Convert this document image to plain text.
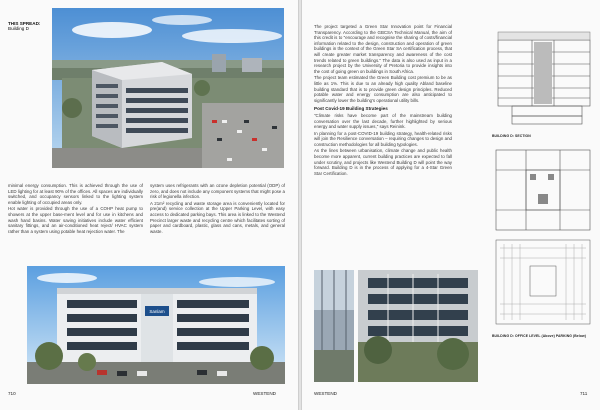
THIS SPREAD:
Building D

minimal energy consumption. This is achieved through the use of LED lighting for at least 90% of the offices. All spaces are individually switched, and occupancy sensors linked to the lighting system enable lighting of occupied areas only.

Hot water is provided through the use of a COHP heat pump to showers at the upper base-ment level and for use in kitchens and wash hand basins. Water saving initiatives include water efficient sanitary fittings, and an air-conditioned heat reject/ HVAC system rather than a system using potable heat rejection water. The

system uses refrigerants with an ozone depletion potential (ODP) of zero, and does not include any component systems that might pose a risk of legionella infection.

A 21m² recycling and waste storage area is conveniently located for pre(and) service collection at the Upper Parking Level, with easy access to dedicated parking bays. This area is linked to the Westend Precinct larger waste and recycling centre which facilitates sorting of paper and cardboard, plastic, glass and cans, metals, and general waste.

Sanlam
710	WESTEND

The project targeted a Green Star Innovation point for Financial Transparency. According to the GBCSA Technical Manual, the aim of this credit is to "encourage and recognise the sharing of costs/financial information related to the design, construction and operation of green buildings in the context of the Green Star SA certification process, that will create greater market transparency and awareness of the cost trends related to green buildings." The data is also used as input in a research project by the University of Pretoria to provide insights into the cost of going green on buildings in South Africa.

The project team estimated the Green Building cost premium to be as little as 1%. This is due to an already high quality Abland baseline building standard that is to provide green design principles. Reduced potable water and energy consumption are also anticipated to significantly lower the building's operational utility bills.

Post Covid-19 Building Strategies

"Climate risks have become part of the mainstream building conversation over the last decade, further highlighted by serious energy and water supply issues," says Reinink.

In planning for a post-COVID-19 building strategy, health-related risks will join the Resilience conversation – requiring changes to design and construction methodologies for all building typologies.

As the lines between urbanisation, climate change and public health become more apparent, current building practices are expected to fall under scrutiny, and projects like Westend Building D will point the way forward. Building D is in the process of applying for a 4-Star Green Star Certification.

BUILDING D: SECTION
BUILDING D: OFFICE LEVEL (Above) PARKING (Below)
WESTEND	711
